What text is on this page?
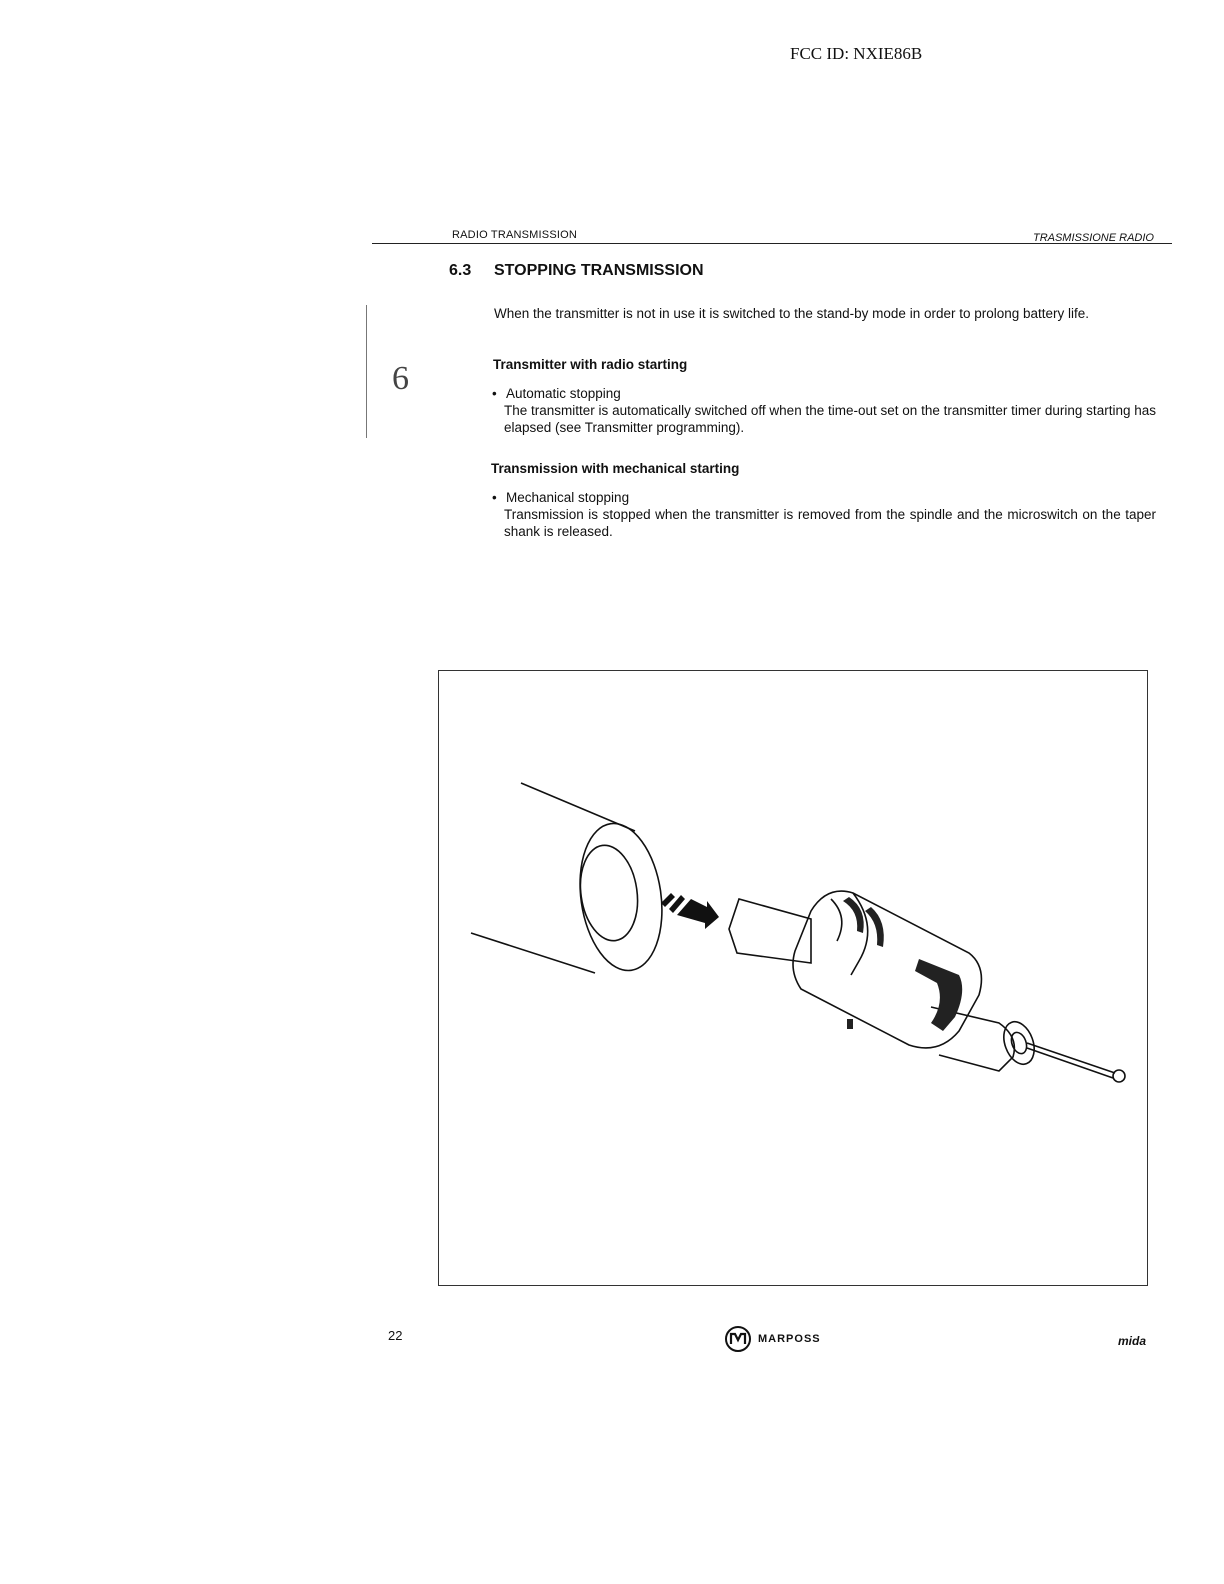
FCC ID: NXIE86B
RADIO TRANSMISSION	TRASMISSIONE RADIO
6
6.3 STOPPING TRANSMISSION
When the transmitter is not in use it is switched to the stand-by mode in order to prolong battery life.
Transmitter with radio starting
• Automatic stopping
The transmitter is automatically switched off when the time-out set on the transmitter timer during starting has elapsed (see Transmitter programming).
Transmission with mechanical starting
• Mechanical stopping
Transmission is stopped when the transmitter is removed from the spindle and the microswitch on the taper shank is released.
22	MARPOSS	mida
